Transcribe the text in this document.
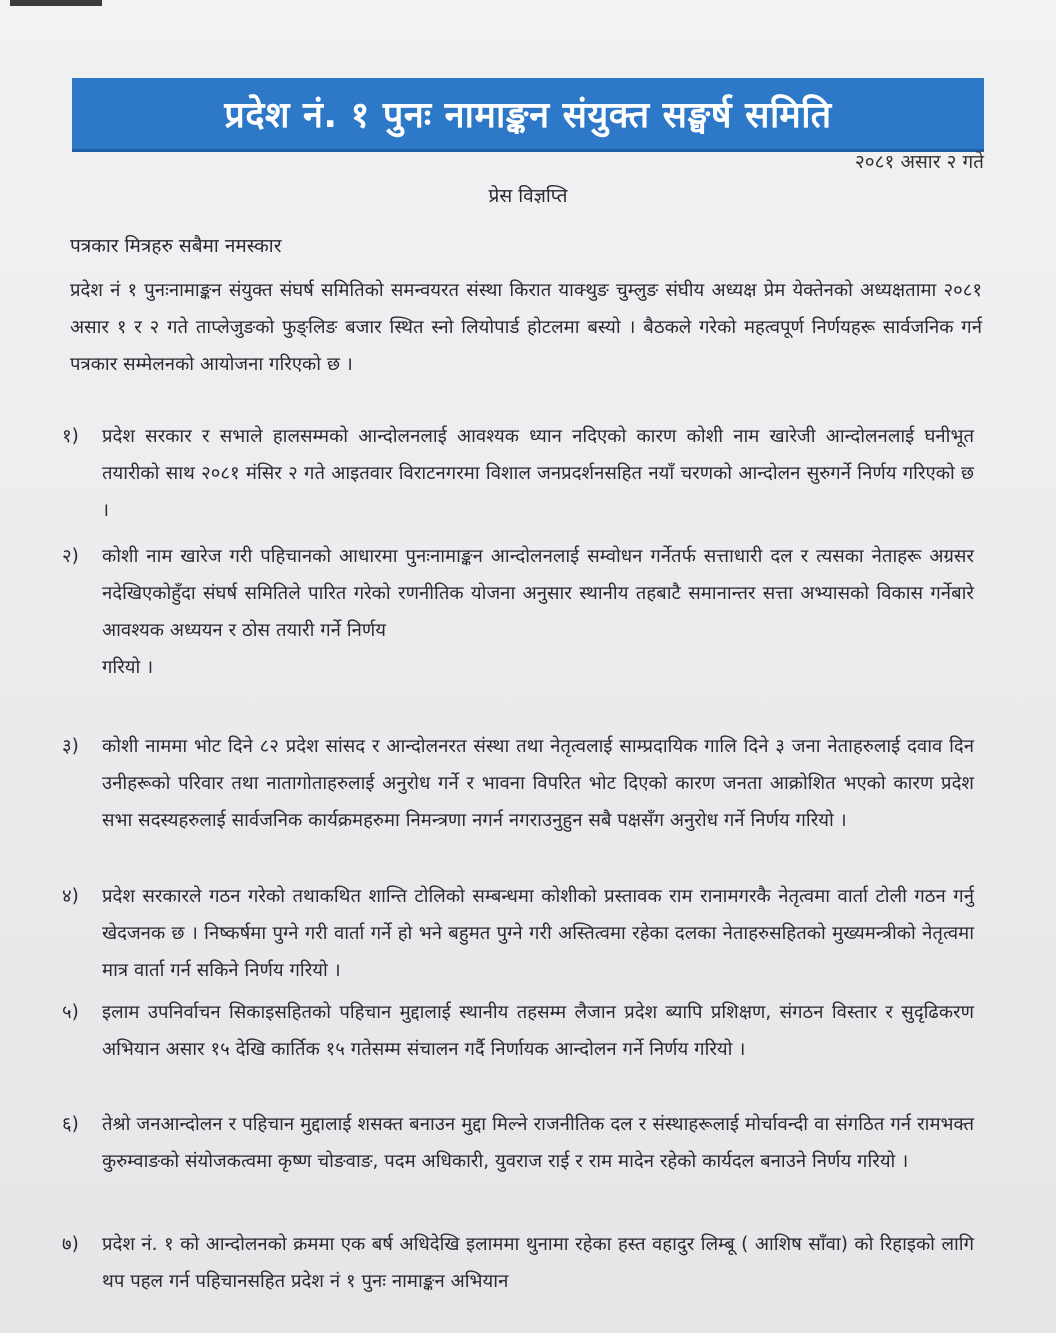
प्रदेश नं. १ पुनः नामाङ्कन संयुक्त सङ्घर्ष समिति
२०८१ असार २ गते
प्रेस विज्ञप्ति
पत्रकार मित्रहरु सबैमा नमस्कार
प्रदेश नं १ पुनःनामाङ्कन संयुक्त संघर्ष समितिको समन्वयरत संस्था किरात याक्थुङ चुम्लुङ संघीय अध्यक्ष प्रेम येक्तेनको अध्यक्षतामा २०८१ असार १ र २ गते ताप्लेजुङको फुङ्लिङ बजार स्थित स्नो लियोपार्ड होटलमा बस्यो । बैठकले गरेको महत्वपूर्ण निर्णयहरू सार्वजनिक गर्न पत्रकार सम्मेलनको आयोजना गरिएको छ ।
१)	प्रदेश सरकार र सभाले हालसम्मको आन्दोलनलाई आवश्यक ध्यान नदिएको कारण कोशी नाम खारेजी आन्दोलनलाई घनीभूत तयारीको साथ २०८१ मंसिर २ गते आइतवार विराटनगरमा विशाल जनप्रदर्शनसहित नयाँ चरणको आन्दोलन सुरुगर्ने निर्णय गरिएको छ ।
२)	कोशी नाम खारेज गरी पहिचानको आधारमा पुनःनामाङ्कन आन्दोलनलाई सम्वोधन गर्नेतर्फ सत्ताधारी दल र त्यसका नेताहरू अग्रसर नदेखिएकोहुँदा संघर्ष समितिले पारित गरेको रणनीतिक योजना अनुसार स्थानीय तहबाटै समानान्तर सत्ता अभ्यासको विकास गर्नेबारे आवश्यक अध्ययन र ठोस तयारी गर्ने निर्णय
गरियो ।
३)	कोशी नाममा भोट दिने ८२ प्रदेश सांसद र आन्दोलनरत संस्था तथा नेतृत्वलाई साम्प्रदायिक गालि दिने ३ जना नेताहरुलाई दवाव दिन उनीहरूको परिवार तथा नातागोताहरुलाई अनुरोध गर्ने र भावना विपरित भोट दिएको कारण जनता आक्रोशित भएको कारण प्रदेश सभा सदस्यहरुलाई सार्वजनिक कार्यक्रमहरुमा निमन्त्रणा नगर्न नगराउनुहुन सबै पक्षसँग अनुरोध गर्ने निर्णय गरियो ।
४)	प्रदेश सरकारले गठन गरेको तथाकथित शान्ति टोलिको सम्बन्धमा कोशीको प्रस्तावक राम रानामगरकै नेतृत्वमा वार्ता टोली गठन गर्नु खेदजनक छ । निष्कर्षमा पुग्ने गरी वार्ता गर्ने हो भने बहुमत पुग्ने गरी अस्तित्वमा रहेका दलका नेताहरुसहितको मुख्यमन्त्रीको नेतृत्वमा मात्र वार्ता गर्न सकिने निर्णय गरियो ।
५)	इलाम उपनिर्वाचन सिकाइसहितको पहिचान मुद्दालाई स्थानीय तहसम्म लैजान प्रदेश ब्यापि प्रशिक्षण, संगठन विस्तार र सुदृढिकरण अभियान असार १५ देखि कार्तिक १५ गतेसम्म संचालन गर्दै निर्णायक आन्दोलन गर्ने निर्णय गरियो ।
६)	तेश्रो जनआन्दोलन र पहिचान मुद्दालाई शसक्त बनाउन मुद्दा मिल्ने राजनीतिक दल र संस्थाहरूलाई मोर्चावन्दी वा संगठित गर्न रामभक्त कुरुम्वाङको संयोजकत्वमा कृष्ण चोङवाङ, पदम अधिकारी, युवराज राई र राम मादेन रहेको कार्यदल बनाउने निर्णय गरियो ।
७)	प्रदेश नं. १ को आन्दोलनको क्रममा एक बर्ष अधिदेखि इलाममा थुनामा रहेका हस्त वहादुर लिम्बू ( आशिष साँवा) को रिहाइको लागि थप पहल गर्न पहिचानसहित प्रदेश नं १ पुनः नामाङ्कन अभियान
